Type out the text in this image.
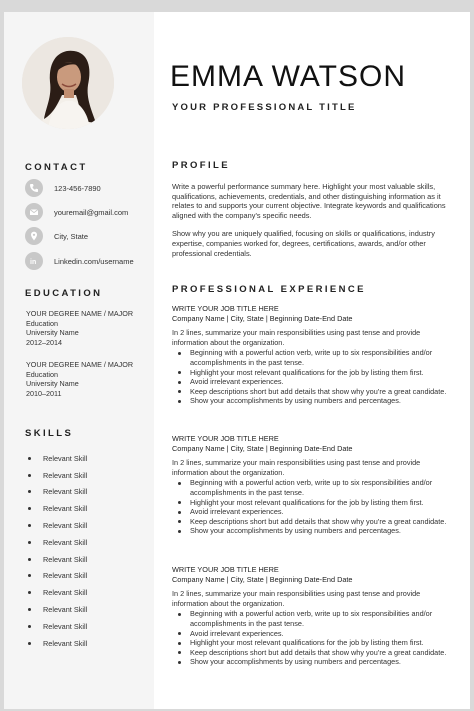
EMMA WATSON
YOUR PROFESSIONAL TITLE
CONTACT
123-456-7890
youremail@gmail.com
City, State
in Linkedin.com/username
EDUCATION
YOUR DEGREE NAME / MAJOR
Education
University Name
2012–2014
YOUR DEGREE NAME / MAJOR
Education
University Name
2010–2011
SKILLS
Relevant Skill
Relevant Skill
Relevant Skill
Relevant Skill
Relevant Skill
Relevant Skill
Relevant Skill
Relevant Skill
Relevant Skill
Relevant Skill
Relevant Skill
Relevant Skill
PROFILE

Write a powerful performance summary here. Highlight your most valuable skills, qualifications, achievements, credentials, and other distinguishing information as it relates to and supports your current objective. Integrate keywords and qualifications aligned with the company’s specific needs.

Show why you are uniquely qualified, focusing on skills or qualifications, industry expertise, companies worked for, degrees, certifications, awards, and/or other professional credentials.

PROFESSIONAL EXPERIENCE
WRITE YOUR JOB TITLE HERE
Company Name | City, State | Beginning Date-End Date
In 2 lines, summarize your main responsibilities using past tense and provide information about the organization.
Beginning with a powerful action verb, write up to six responsibilities and/or accomplishments in the past tense.
Highlight your most relevant qualifications for the job by listing them first.
Avoid irrelevant experiences.
Keep descriptions short but add details that show why you’re a great candidate.
Show your accomplishments by using numbers and percentages.
WRITE YOUR JOB TITLE HERE
Company Name | City, State | Beginning Date-End Date
In 2 lines, summarize your main responsibilities using past tense and provide information about the organization.
Beginning with a powerful action verb, write up to six responsibilities and/or accomplishments in the past tense.
Highlight your most relevant qualifications for the job by listing them first.
Avoid irrelevant experiences.
Keep descriptions short but add details that show why you’re a great candidate.
Show your accomplishments by using numbers and percentages.
WRITE YOUR JOB TITLE HERE
Company Name | City, State | Beginning Date-End Date
In 2 lines, summarize your main responsibilities using past tense and provide information about the organization.
Beginning with a powerful action verb, write up to six responsibilities and/or accomplishments in the past tense.
Avoid irrelevant experiences.
Highlight your most relevant qualifications for the job by listing them first.
Keep descriptions short but add details that show why you’re a great candidate.
Show your accomplishments by using numbers and percentages.
